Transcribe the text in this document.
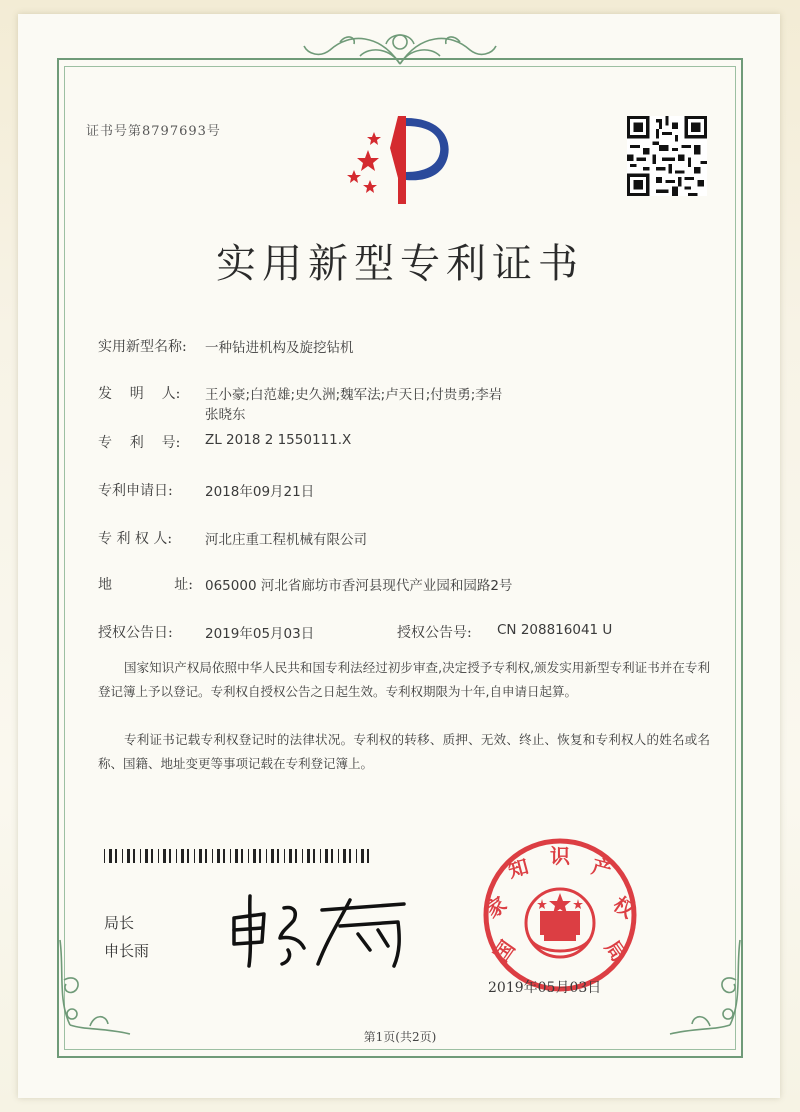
证书号第8797693号
实用新型专利证书
实用新型名称: 一种钻进机构及旋挖钻机
发    明    人: 王小豪;白范雄;史久洲;魏军法;卢天日;付贵勇;李岩
张晓东
专    利    号: ZL 2018 2 1550111.X
专利申请日: 2018年09月21日
专 利 权 人: 河北庄重工程机械有限公司
地              址: 065000 河北省廊坊市香河县现代产业园和园路2号
授权公告日: 2019年05月03日	授权公告号: CN 208816041 U
国家知识产权局依照中华人民共和国专利法经过初步审查,决定授予专利权,颁发实用新型专利证书并在专利登记簿上予以登记。专利权自授权公告之日起生效。专利权期限为十年,自申请日起算。
专利证书记载专利权登记时的法律状况。专利权的转移、质押、无效、终止、恢复和专利权人的姓名或名称、国籍、地址变更等事项记载在专利登记簿上。
局长
申长雨	国
家
知 识 产
权
局
2019年05月03日
第1页(共2页)
